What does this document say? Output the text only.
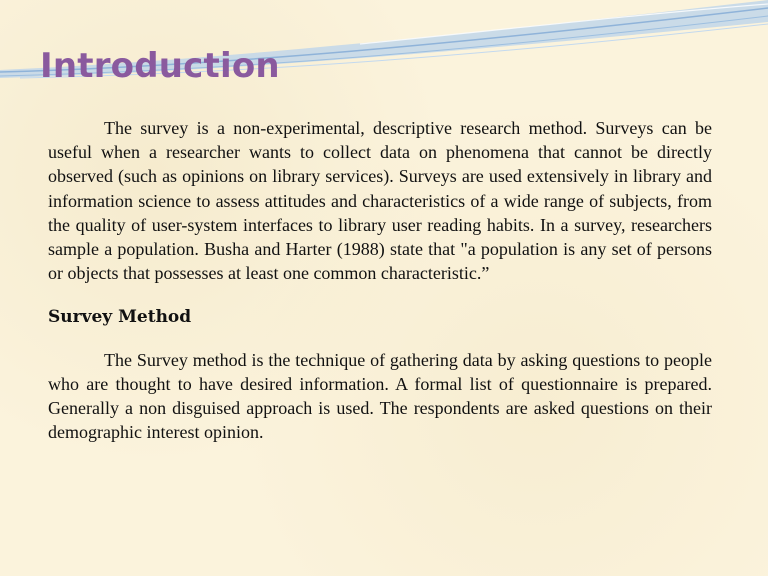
Introduction

The survey is a non-experimental, descriptive research method. Surveys can be useful when a researcher wants to collect data on phenomena that cannot be directly observed (such as opinions on library services). Surveys are used extensively in library and information science to assess attitudes and characteristics of a wide range of subjects, from the quality of user-system interfaces to library user reading habits. In a survey, researchers sample a population. Busha and Harter (1988) state that "a population is any set of persons or objects that possesses at least one common characteristic.”

Survey Method

The Survey method is the technique of gathering data by asking questions to people who are thought to have desired information. A formal list of questionnaire is prepared. Generally a non disguised approach is used. The respondents are asked questions on their demographic interest opinion.
